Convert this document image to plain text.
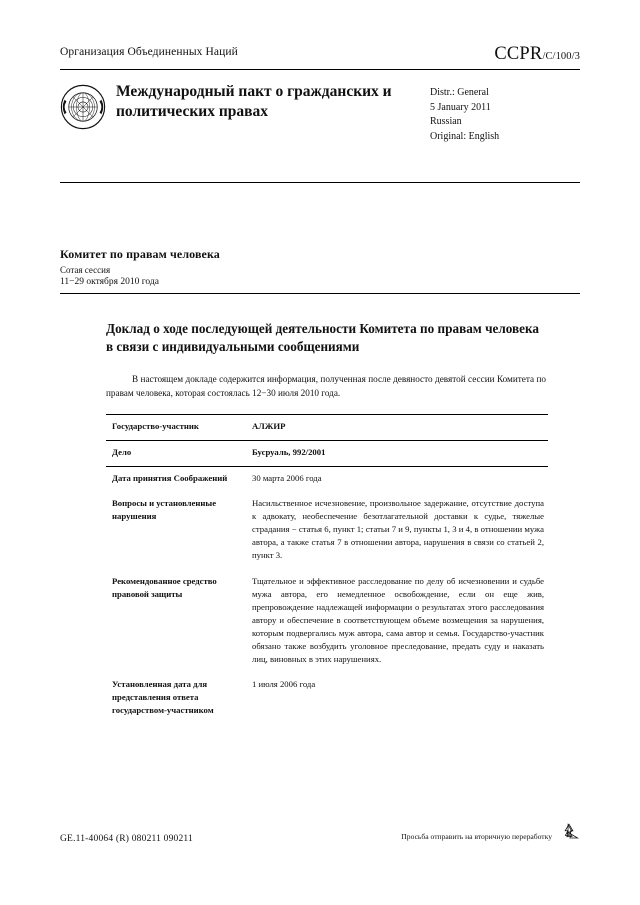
Организация Объединенных Наций	CCPR/C/100/3
Международный пакт о гражданских и политических правах
Distr.: General
5 January 2011
Russian
Original: English
Комитет по правам человека
Сотая сессия
11−29 октября 2010 года
Доклад о ходе последующей деятельности Комитета по правам человека в связи с индивидуальными сообщениями
В настоящем докладе содержится информация, полученная после девяносто девятой сессии Комитета по правам человека, которая состоялась 12−30 июля 2010 года.
Государство-участник	АЛЖИР
Дело	Бусруаль, 992/2001
Дата принятия Соображений	30 марта 2006 года
Вопросы и установленные нарушения	Насильственное исчезновение, произвольное задержание, отсутствие доступа к адвокату, необеспечение безотлагательной доставки к судье, тяжелые страдания − статья 6, пункт 1; статьи 7 и 9, пункты 1, 3 и 4, в отношении мужа автора, а также статья 7 в отношении автора, нарушения в связи со статьей 2, пункт 3.
Рекомендованное средство правовой защиты	Тщательное и эффективное расследование по делу об исчезновении и судьбе мужа автора, его немедленное освобождение, если он еще жив, препровождение надлежащей информации о результатах этого расследования автору и обеспечение в соответствующем объеме возмещения за нарушения, которым подвергались муж автора, сама автор и семья. Государство-участник обязано также возбудить уголовное преследование, предать суду и наказать лиц, виновных в этих нарушениях.
Установленная дата для представления ответа государством-участником	1 июля 2006 года
GE.11-40064 (R) 080211 090211	Просьба отправить на вторичную переработку
